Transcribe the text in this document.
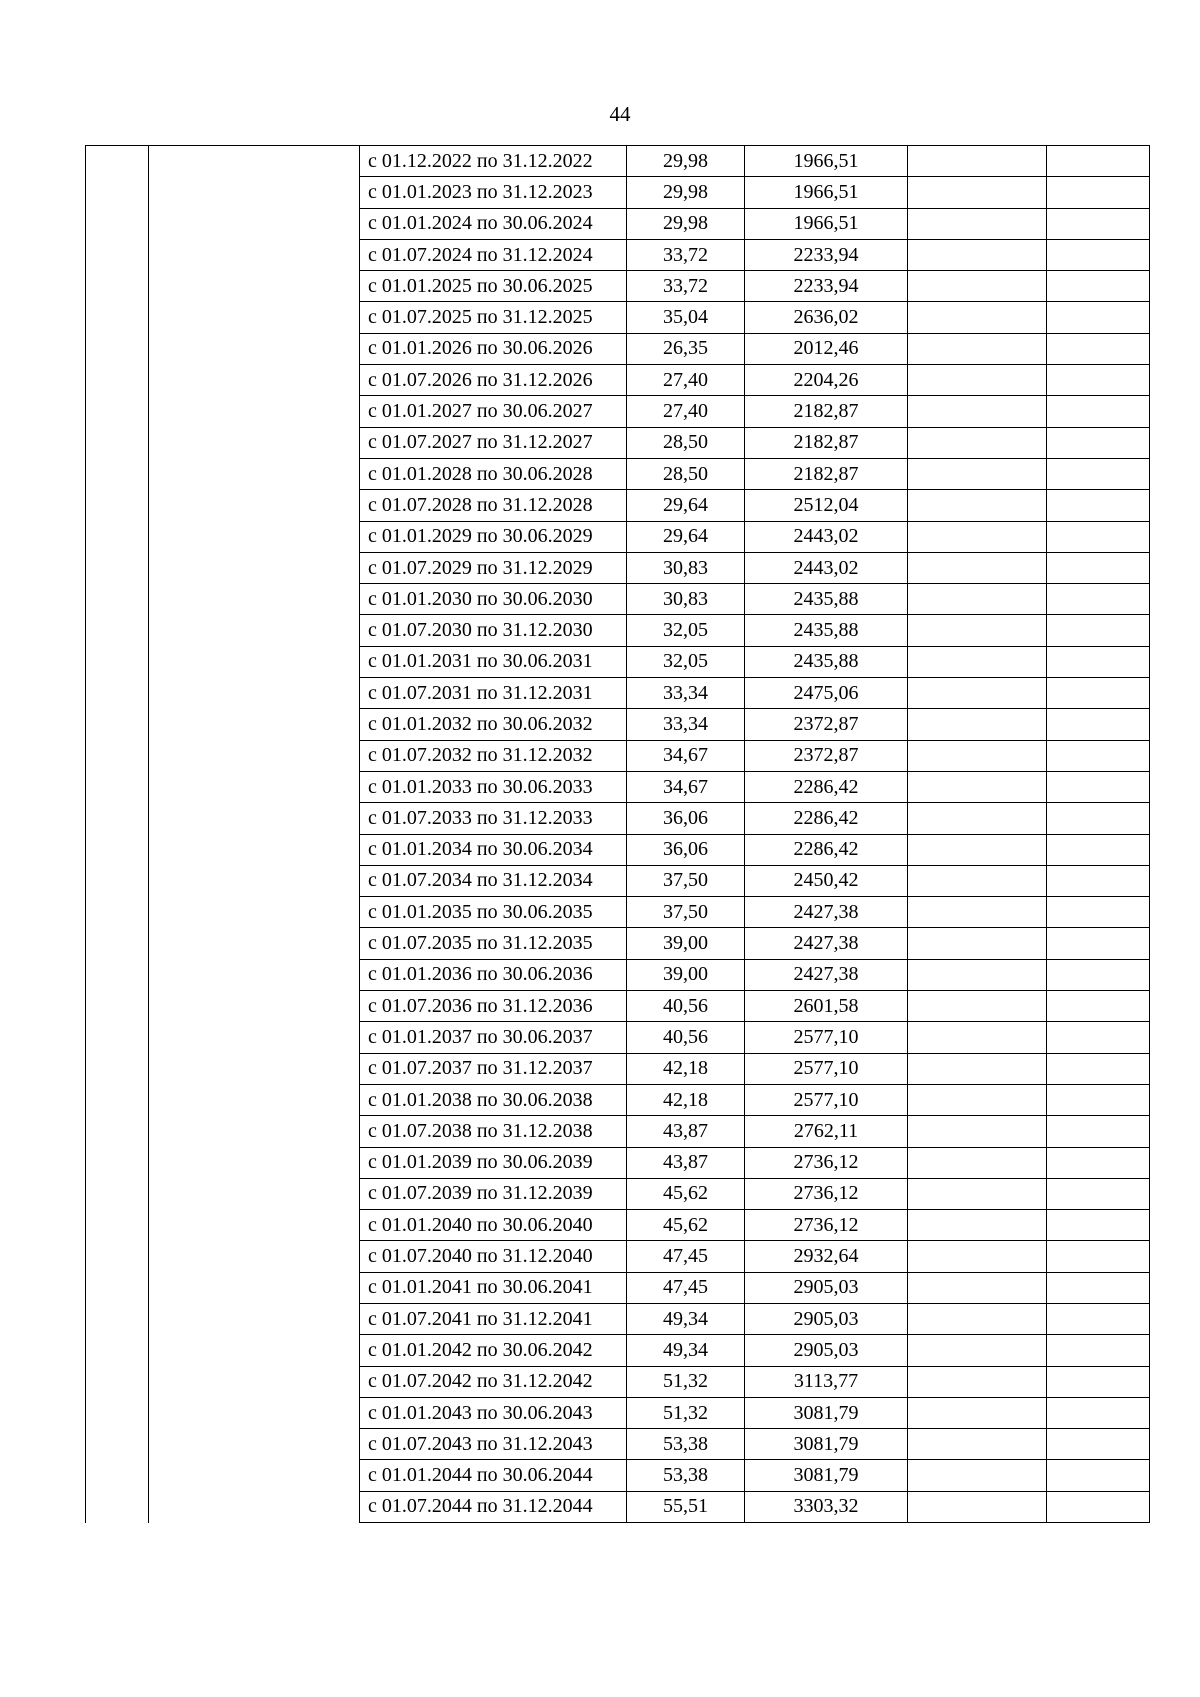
44
		с 01.12.2022 по 31.12.2022	29,98	1966,51		
		с 01.01.2023 по 31.12.2023	29,98	1966,51		
		с 01.01.2024 по 30.06.2024	29,98	1966,51		
		с 01.07.2024 по 31.12.2024	33,72	2233,94		
		с 01.01.2025 по 30.06.2025	33,72	2233,94		
		с 01.07.2025 по 31.12.2025	35,04	2636,02		
		с 01.01.2026 по 30.06.2026	26,35	2012,46		
		с 01.07.2026 по 31.12.2026	27,40	2204,26		
		с 01.01.2027 по 30.06.2027	27,40	2182,87		
		с 01.07.2027 по 31.12.2027	28,50	2182,87		
		с 01.01.2028 по 30.06.2028	28,50	2182,87		
		с 01.07.2028 по 31.12.2028	29,64	2512,04		
		с 01.01.2029 по 30.06.2029	29,64	2443,02		
		с 01.07.2029 по 31.12.2029	30,83	2443,02		
		с 01.01.2030 по 30.06.2030	30,83	2435,88		
		с 01.07.2030 по 31.12.2030	32,05	2435,88		
		с 01.01.2031 по 30.06.2031	32,05	2435,88		
		с 01.07.2031 по 31.12.2031	33,34	2475,06		
		с 01.01.2032 по 30.06.2032	33,34	2372,87		
		с 01.07.2032 по 31.12.2032	34,67	2372,87		
		с 01.01.2033 по 30.06.2033	34,67	2286,42		
		с 01.07.2033 по 31.12.2033	36,06	2286,42		
		с 01.01.2034 по 30.06.2034	36,06	2286,42		
		с 01.07.2034 по 31.12.2034	37,50	2450,42		
		с 01.01.2035 по 30.06.2035	37,50	2427,38		
		с 01.07.2035 по 31.12.2035	39,00	2427,38		
		с 01.01.2036 по 30.06.2036	39,00	2427,38		
		с 01.07.2036 по 31.12.2036	40,56	2601,58		
		с 01.01.2037 по 30.06.2037	40,56	2577,10		
		с 01.07.2037 по 31.12.2037	42,18	2577,10		
		с 01.01.2038 по 30.06.2038	42,18	2577,10		
		с 01.07.2038 по 31.12.2038	43,87	2762,11		
		с 01.01.2039 по 30.06.2039	43,87	2736,12		
		с 01.07.2039 по 31.12.2039	45,62	2736,12		
		с 01.01.2040 по 30.06.2040	45,62	2736,12		
		с 01.07.2040 по 31.12.2040	47,45	2932,64		
		с 01.01.2041 по 30.06.2041	47,45	2905,03		
		с 01.07.2041 по 31.12.2041	49,34	2905,03		
		с 01.01.2042 по 30.06.2042	49,34	2905,03		
		с 01.07.2042 по 31.12.2042	51,32	3113,77		
		с 01.01.2043 по 30.06.2043	51,32	3081,79		
		с 01.07.2043 по 31.12.2043	53,38	3081,79		
		с 01.01.2044 по 30.06.2044	53,38	3081,79		
		с 01.07.2044 по 31.12.2044	55,51	3303,32		
